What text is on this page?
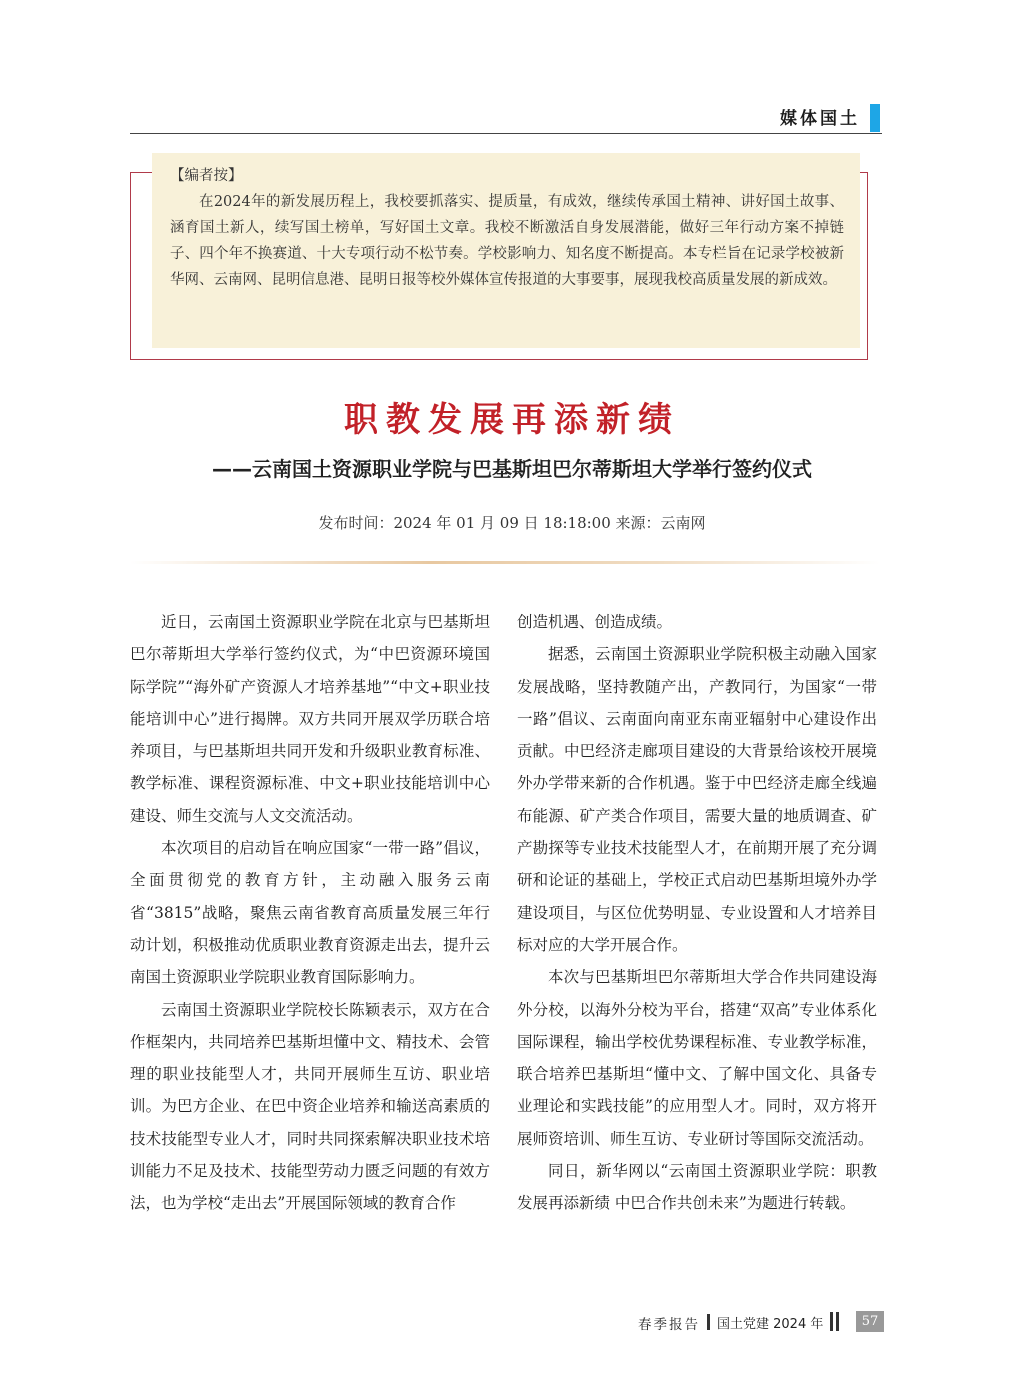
媒体国土

【编者按】

在2024年的新发展历程上，我校要抓落实、提质量，有成效，继续传承国土精神、讲好国土故事、涵育国土新人，续写国土榜单，写好国土文章。我校不断激活自身发展潜能，做好三年行动方案不掉链子、四个年不换赛道、十大专项行动不松节奏。学校影响力、知名度不断提高。本专栏旨在记录学校被新华网、云南网、昆明信息港、昆明日报等校外媒体宣传报道的大事要事，展现我校高质量发展的新成效。

职教发展再添新绩
——云南国土资源职业学院与巴基斯坦巴尔蒂斯坦大学举行签约仪式
发布时间：2024 年 01 月 09 日 18:18:00 来源：云南网

近日，云南国土资源职业学院在北京与巴基斯坦巴尔蒂斯坦大学举行签约仪式，为“中巴资源环境国际学院”“海外矿产资源人才培养基地”“中文+职业技能培训中心”进行揭牌。双方共同开展双学历联合培养项目，与巴基斯坦共同开发和升级职业教育标准、教学标准、课程资源标准、中文+职业技能培训中心建设、师生交流与人文交流活动。

本次项目的启动旨在响应国家“一带一路”倡议，全面贯彻党的教育方针，主动融入服务云南省“3815”战略，聚焦云南省教育高质量发展三年行动计划，积极推动优质职业教育资源走出去，提升云南国土资源职业学院职业教育国际影响力。

云南国土资源职业学院校长陈颖表示，双方在合作框架内，共同培养巴基斯坦懂中文、精技术、会管理的职业技能型人才，共同开展师生互访、职业培训。为巴方企业、在巴中资企业培养和输送高素质的技术技能型专业人才，同时共同探索解决职业技术培训能力不足及技术、技能型劳动力匮乏问题的有效方法，也为学校“走出去”开展国际领域的教育合作

创造机遇、创造成绩。

据悉，云南国土资源职业学院积极主动融入国家发展战略，坚持教随产出，产教同行，为国家“一带一路”倡议、云南面向南亚东南亚辐射中心建设作出贡献。中巴经济走廊项目建设的大背景给该校开展境外办学带来新的合作机遇。鉴于中巴经济走廊全线遍布能源、矿产类合作项目，需要大量的地质调查、矿产勘探等专业技术技能型人才，在前期开展了充分调研和论证的基础上，学校正式启动巴基斯坦境外办学建设项目，与区位优势明显、专业设置和人才培养目标对应的大学开展合作。

本次与巴基斯坦巴尔蒂斯坦大学合作共同建设海外分校，以海外分校为平台，搭建“双高”专业体系化国际课程，输出学校优势课程标准、专业教学标准，联合培养巴基斯坦“懂中文、了解中国文化、具备专业理论和实践技能”的应用型人才。同时，双方将开展师资培训、师生互访、专业研讨等国际交流活动。

同日，新华网以“云南国土资源职业学院：职教发展再添新绩 中巴合作共创未来”为题进行转载。

春季报告 国土党建 2024 年	57
